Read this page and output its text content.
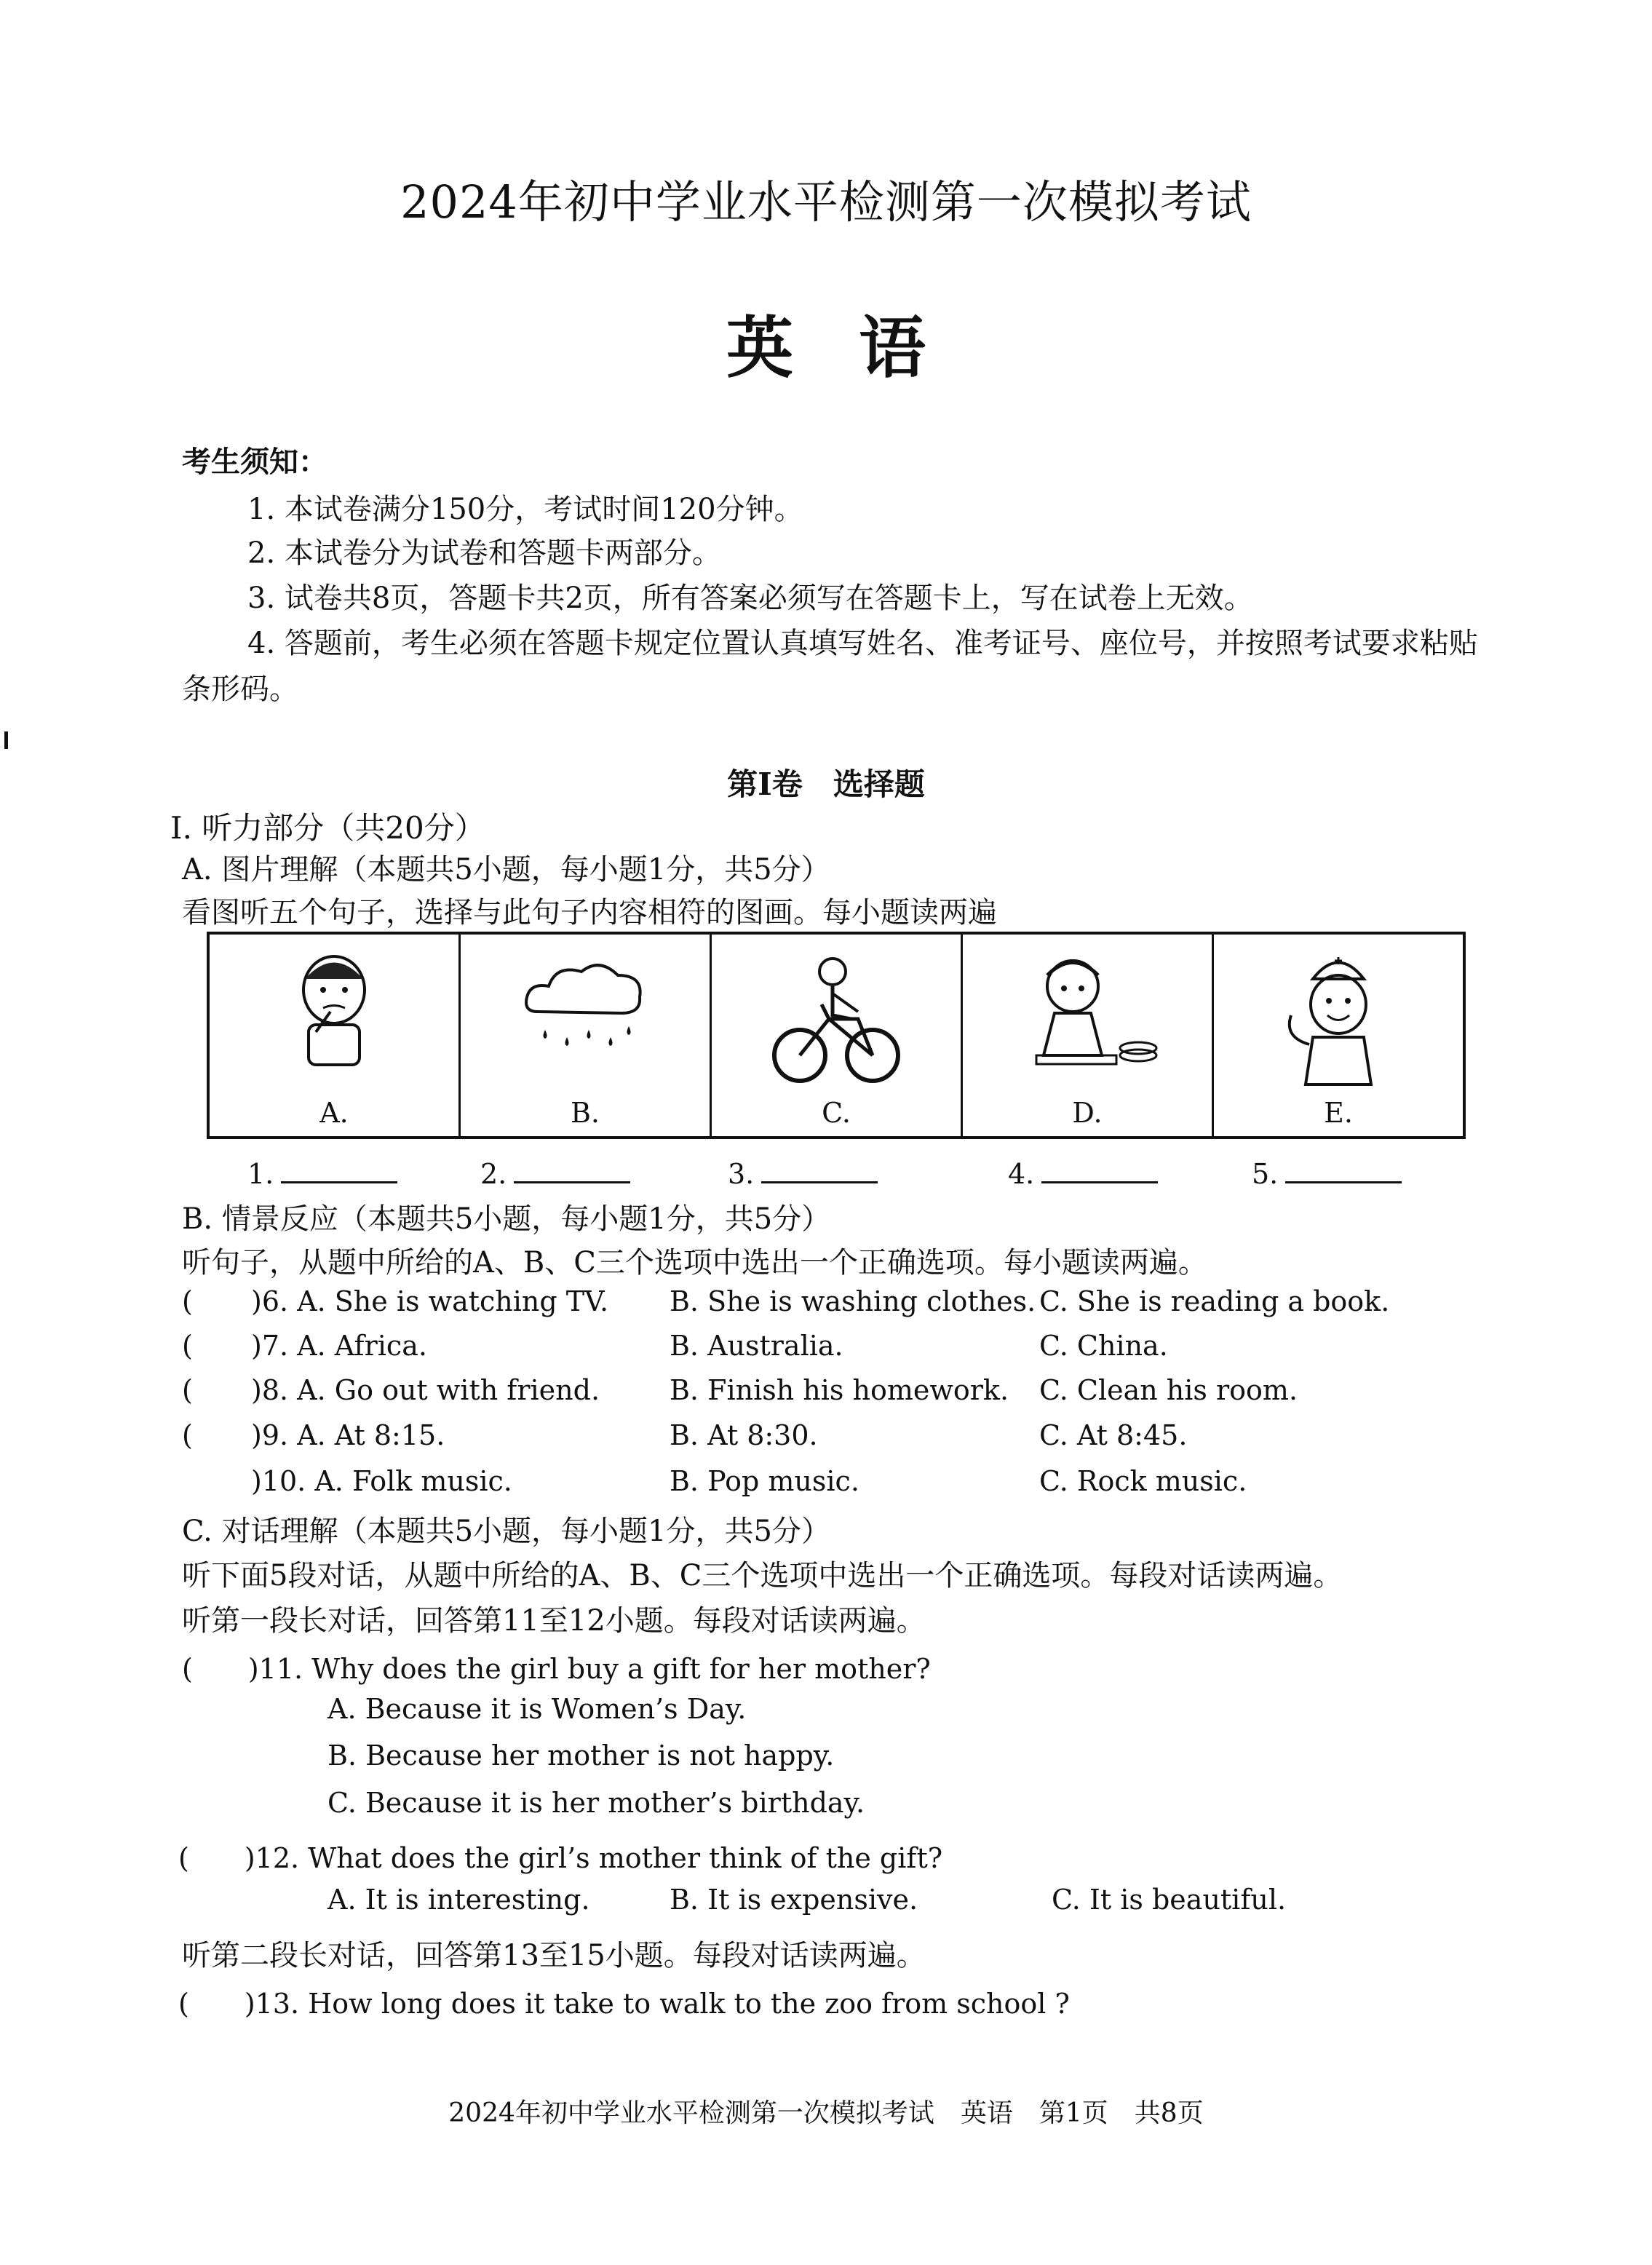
2024年初中学业水平检测第一次模拟考试
英语
考生须知：
1. 本试卷满分150分，考试时间120分钟。
2. 本试卷分为试卷和答题卡两部分。
3. 试卷共8页，答题卡共2页，所有答案必须写在答题卡上，写在试卷上无效。
4. 答题前，考生必须在答题卡规定位置认真填写姓名、准考证号、座位号，并按照考试要求粘贴
条形码。
第Ⅰ卷　选择题
Ⅰ. 听力部分（共20分）
A. 图片理解（本题共5小题，每小题1分，共5分）
看图听五个句子，选择与此句子内容相符的图画。每小题读两遍
A.	B.	C.	D.	E.
1.	2.	3.	4.	5.
B. 情景反应（本题共5小题，每小题1分，共5分）
听句子，从题中所给的A、B、C三个选项中选出一个正确选项。每小题读两遍。
( )6. A. She is watching TV. B. She is washing clothes. C. She is reading a book.
( )7. A. Africa.	B. Australia.	C. China.
( )8. A. Go out with friend.	B. Finish his homework. C. Clean his room.
( )9. A. At 8:15.	B. At 8:30.	C. At 8:45.
)10. A. Folk music.	B. Pop music.	C. Rock music.
C. 对话理解（本题共5小题，每小题1分，共5分）
听下面5段对话，从题中所给的A、B、C三个选项中选出一个正确选项。每段对话读两遍。
听第一段长对话，回答第11至12小题。每段对话读两遍。
(　　)11. Why does the girl buy a gift for her mother?
A. Because it is Women’s Day.
B. Because her mother is not happy.
C. Because it is her mother’s birthday.
(　　)12. What does the girl’s mother think of the gift?
A. It is interesting.	B. It is expensive.	C. It is beautiful.
听第二段长对话，回答第13至15小题。每段对话读两遍。
(　　)13. How long does it take to walk to the zoo from school ?
2024年初中学业水平检测第一次模拟考试　英语　第1页　共8页
